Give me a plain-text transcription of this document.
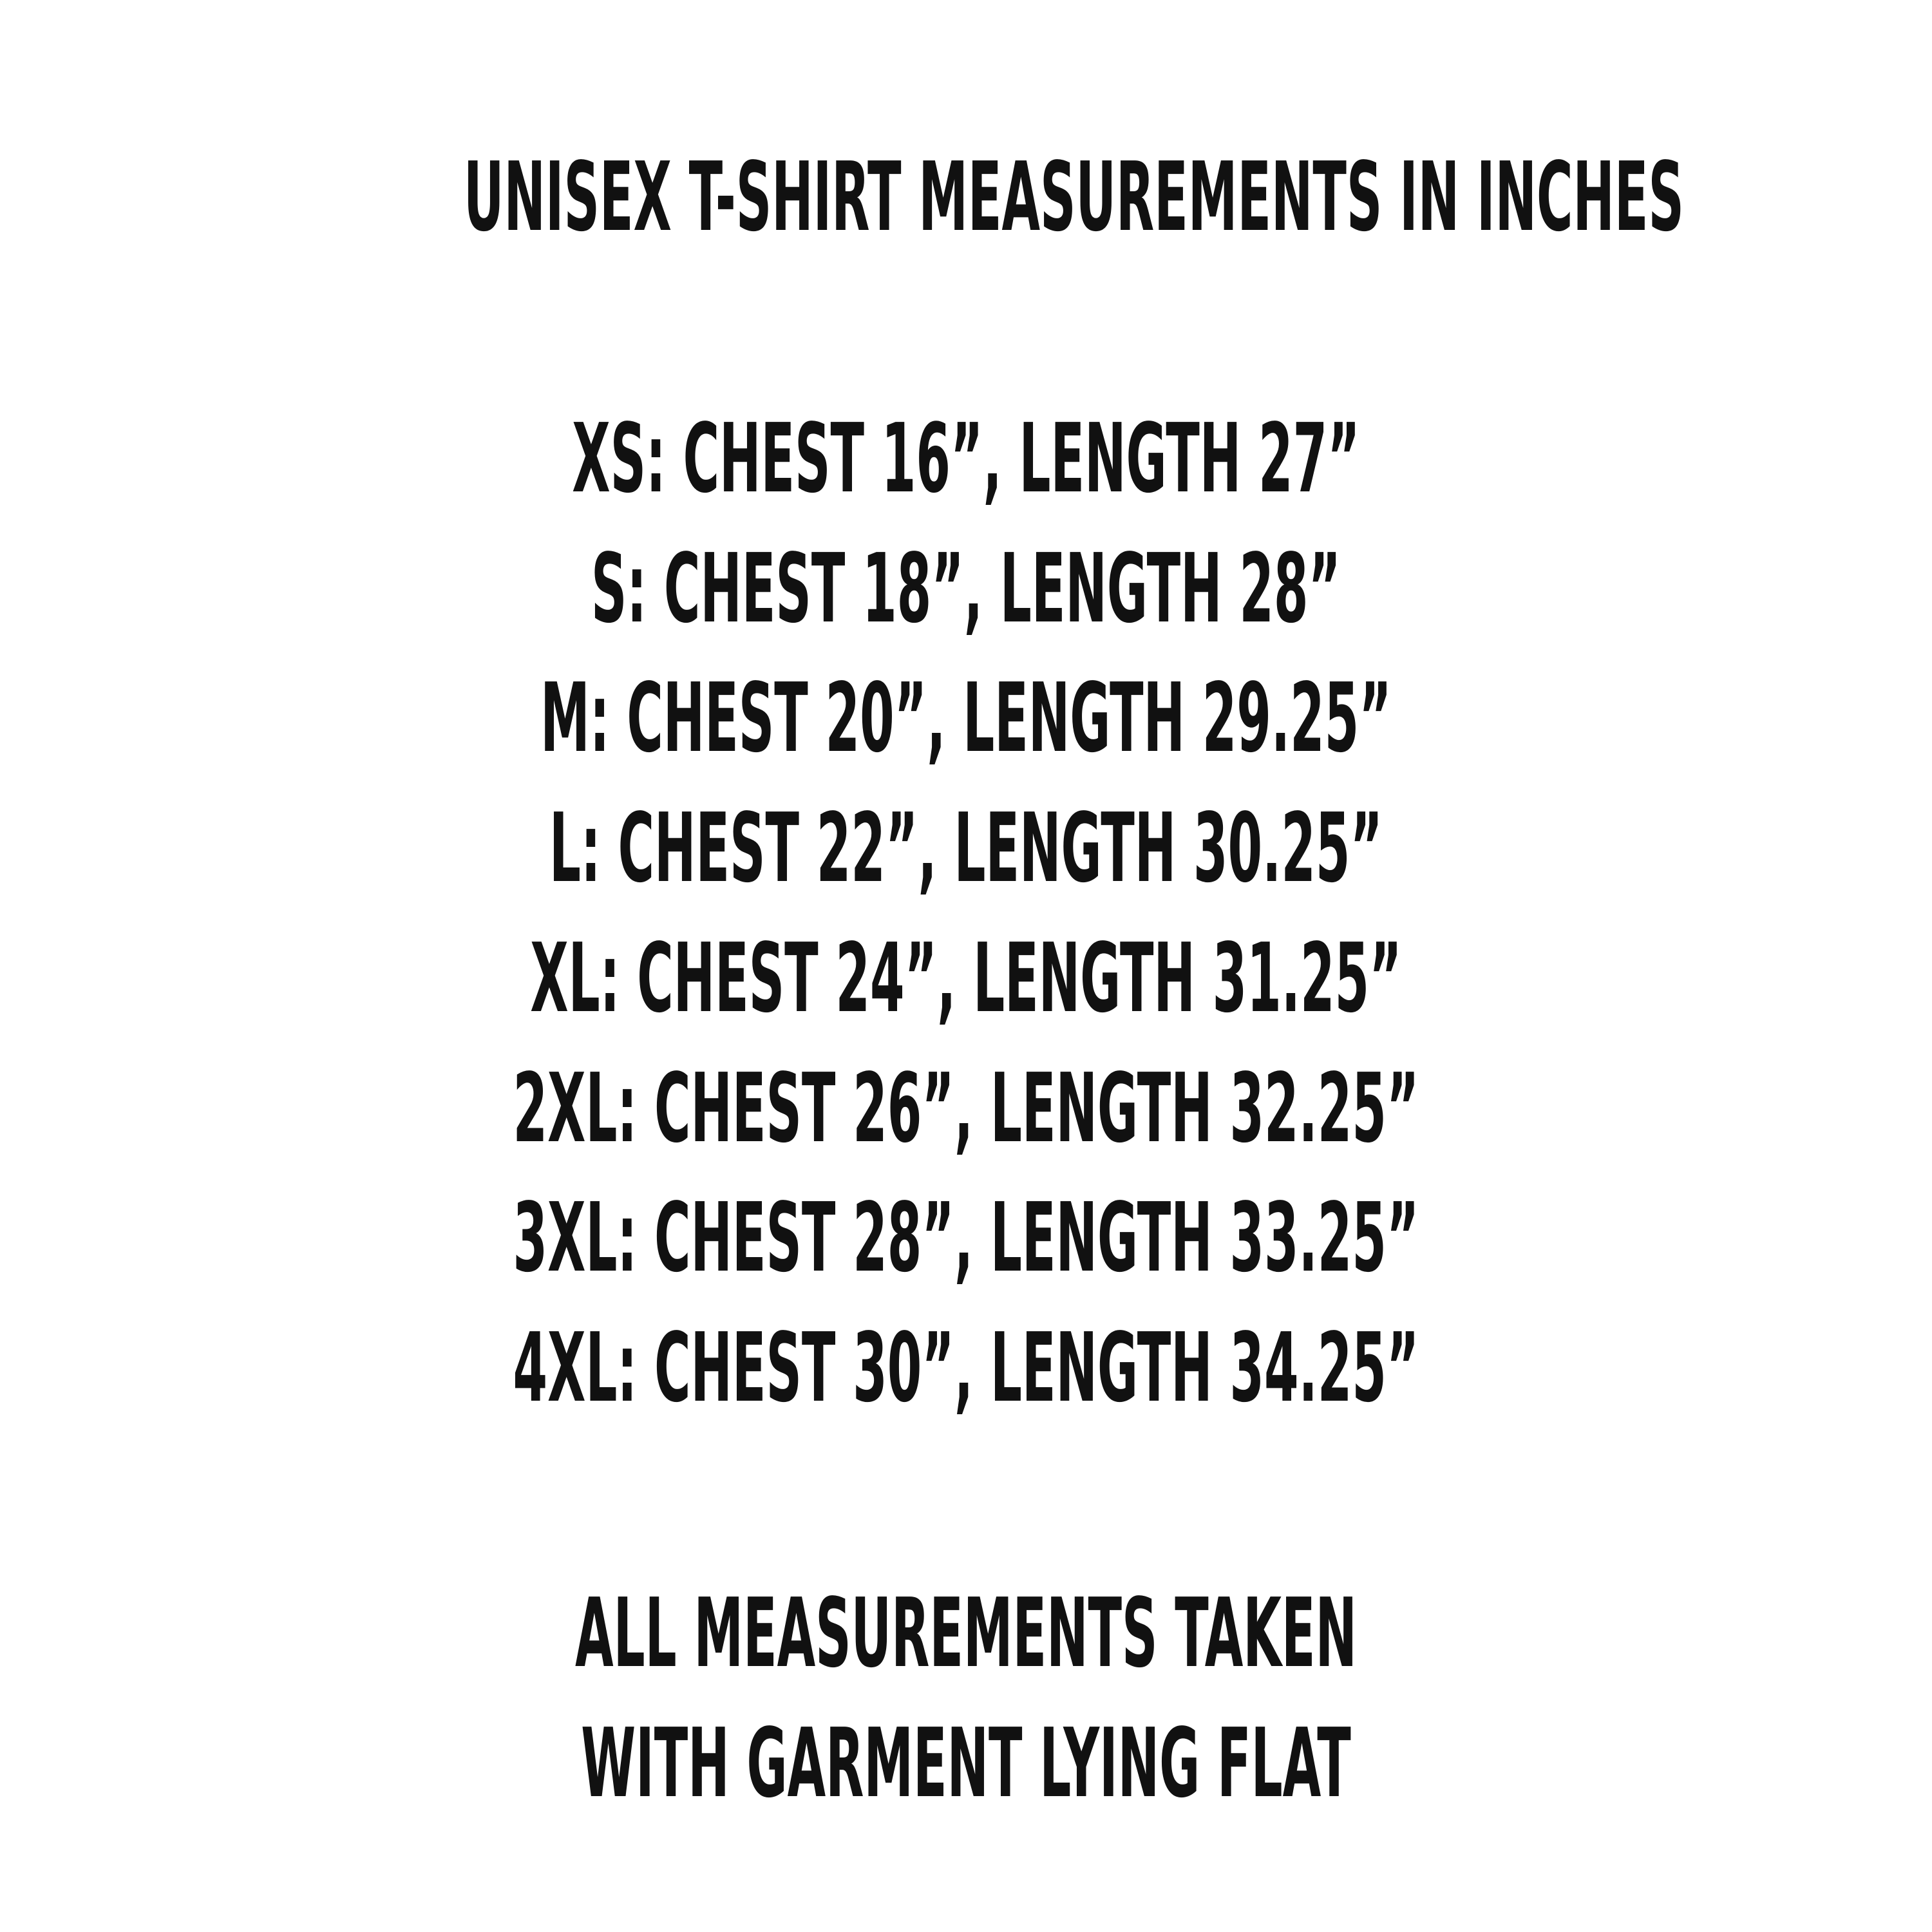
UNISEX T-SHIRT MEASUREMENTS IN INCHES
XS: CHEST 16”, LENGTH 27”
S: CHEST 18”, LENGTH 28”
M: CHEST 20”, LENGTH 29.25”
L: CHEST 22”, LENGTH 30.25”
XL: CHEST 24”, LENGTH 31.25”
2XL: CHEST 26”, LENGTH 32.25”
3XL: CHEST 28”, LENGTH 33.25”
4XL: CHEST 30”, LENGTH 34.25”
ALL MEASUREMENTS TAKEN
WITH GARMENT LYING FLAT
